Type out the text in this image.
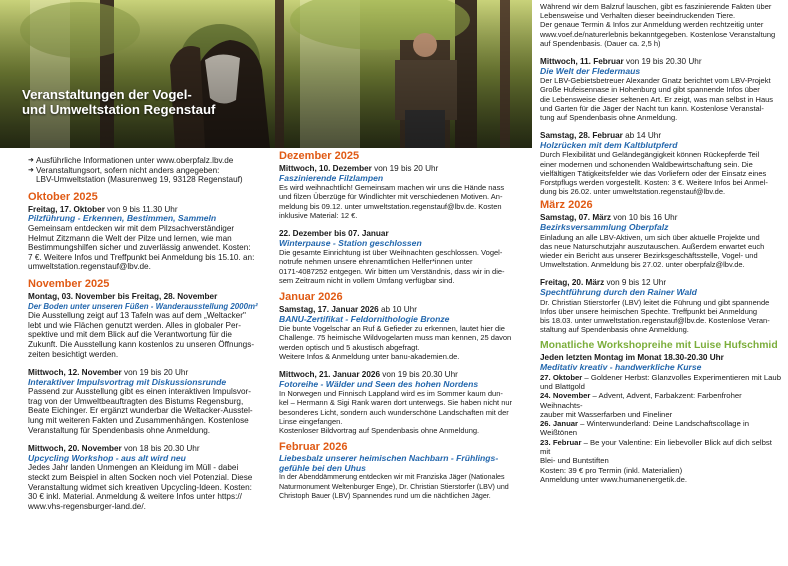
Veranstaltungen der Vogel-
und Umweltstation Regenstauf
➜ Ausführliche Informationen unter www.oberpfalz.lbv.de
➜ Veranstaltungsort, sofern nicht anders angegeben:
LBV-Umweltstation (Masurenweg 19, 93128 Regenstauf)
Oktober 2025
Freitag, 17. Oktober von 9 bis 11.30 Uhr
Pilzführung - Erkennen, Bestimmen, Sammeln
Gemeinsam entdecken wir mit dem Pilzsachverständiger
Helmut Zitzmann die Welt der Pilze und lernen, wie man
Bestimmungshilfen sicher und zuverlässig anwendet. Kosten:
7 €. Weitere Infos und Treffpunkt bei Anmeldung bis 15.10. an:
umweltstation.regenstauf@lbv.de.
November 2025
Montag, 03. November bis Freitag, 28. November
Der Boden unter unseren Füßen - Wanderausstellung 2000m²
Die Ausstellung zeigt auf 13 Tafeln was auf dem „Weltacker"
lebt und wie Flächen genutzt werden. Alles in globaler Per-
spektive und mit dem Blick auf die Verantwortung für die
Zukunft. Die Ausstellung kann kostenlos zu unseren Öffnungs-
zeiten besichtigt werden.
Mittwoch, 12. November von 19 bis 20 Uhr
Interaktiver Impulsvortrag mit Diskussionsrunde
Passend zur Ausstellung gibt es einen interaktiven Impulsvor-
trag von der Umweltbeauftragten des Bistums Regensburg,
Beate Eichinger. Er ergänzt wunderbar die Weltacker-Ausstel-
lung mit weiteren Fakten und Zusammenhängen. Kostenlose
Veranstaltung für Spendenbasis ohne Anmeldung.
Mittwoch, 20. November von 18 bis 20.30 Uhr
Upcycling Workshop - aus alt wird neu
Jedes Jahr landen Unmengen an Kleidung im Müll - dabei
steckt zum Beispiel in alten Socken noch viel Potenzial. Diese
Veranstaltung widmet sich kreativen Upcycling-Ideen. Kosten:
30 € inkl. Material. Anmeldung & weitere Infos unter https://
www.vhs-regensburger-land.de/.
Dezember 2025
Mittwoch, 10. Dezember von 19 bis 20 Uhr
Faszinierende Filzlampen
Es wird weihnachtlich! Gemeinsam machen wir uns die Hände nass
und filzen Überzüge für Windlichter mit verschiedenen Motiven. An-
meldung bis 09.12. unter umweltstation.regenstauf@lbv.de. Kosten
inklusive Material: 12 €.
22. Dezember bis 07. Januar
Winterpause - Station geschlossen
Die gesamte Einrichtung ist über Weihnachten geschlossen. Vogel-
notrufe nehmen unsere ehrenamtlichen Helfer*innen unter
0171-4087252 entgegen. Wir bitten um Verständnis, dass wir in die-
sem Zeitraum nicht in vollem Umfang verfügbar sind.
Januar 2026
Samstag, 17. Januar 2026 ab 10 Uhr
BANU-Zertifikat - Feldornithologie Bronze
Die bunte Vogelschar an Ruf & Gefieder zu erkennen, lautet hier die
Challenge. 75 heimische Wildvogelarten muss man kennen, 25 davon
werden optisch und 5 akustisch abgefragt.
Weitere Infos & Anmeldung unter banu-akademien.de.
Mittwoch, 21. Januar 2026 von 19 bis 20.30 Uhr
Fotoreihe - Wälder und Seen des hohen Nordens
In Norwegen und Finnisch Lappland wird es im Sommer kaum dun-
kel – Hermann & Sigi Rank waren dort unterwegs. Sie haben nicht nur
besonderes Licht, sondern auch wunderschöne Landschaften mit der
Linse eingefangen.
Kostenloser Bildvortrag auf Spendenbasis ohne Anmeldung.
Februar 2026
Liebesbalz unserer heimischen Nachbarn - Frühlings-
gefühle bei den Uhus
In der Abenddämmerung entdecken wir mit Franziska Jäger (Nationales
Naturmonument Weltenburger Enge), Dr. Christian Stierstorfer (LBV) und
Christoph Bauer (LBV) Spannendes rund um die nächtlichen Jäger.
Während wir dem Balzruf lauschen, gibt es faszinierende Fakten über
Lebensweise und Verhalten dieser beeindruckenden Tiere.
Der genaue Termin & Infos zur Anmeldung werden rechtzeitig unter
www.voef.de/naturerlebnis bekanntgegeben. Kostenlose Veranstaltung
auf Spendenbasis. (Dauer ca. 2,5 h)
Mittwoch, 11. Februar von 19 bis 20.30 Uhr
Die Welt der Fledermaus
Der LBV-Gebietsbetreuer Alexander Gnatz berichtet vom LBV-Projekt
Große Hufeisennase in Hohenburg und gibt spannende Infos über
die Lebensweise dieser seltenen Art. Er zeigt, was man selbst in Haus
und Garten für die Jäger der Nacht tun kann. Kostenlose Veranstal-
tung auf Spendenbasis ohne Anmeldung.
Samstag, 28. Februar ab 14 Uhr
Holzrücken mit dem Kaltblutpferd
Durch Flexibilität und Geländegängigkeit können Rückepferde Teil
einer modernen und schonenden Waldbewirtschaftung sein. Die
vielfältigen Tätigkeitsfelder wie das Vorliefern oder der Einsatz eines
Forstpflugs werden vorgestellt. Kosten: 3 €. Weitere Infos bei Anmel-
dung bis 26.02. unter umweltstation.regenstauf@lbv.de.
März 2026
Samstag, 07. März von 10 bis 16 Uhr
Bezirksversammlung Oberpfalz
Einladung an alle LBV-Aktiven, um sich über aktuelle Projekte und
das neue Naturschutzjahr auszutauschen. Außerdem erwartet euch
wieder ein Bericht aus unserer Bezirksgeschäftsstelle, Vogel- und
Umweltstation. Anmeldung bis 27.02. unter oberpfalz@lbv.de.
Freitag, 20. März von 9 bis 12 Uhr
Spechtführung durch den Rainer Wald
Dr. Christian Stierstorfer (LBV) leitet die Führung und gibt spannende
Infos über unsere heimischen Spechte. Treffpunkt bei Anmeldung
bis 18.03. unter umweltstation.regenstauf@lbv.de. Kostenlose Veran-
staltung auf Spendenbasis ohne Anmeldung.
Monatliche Workshopreihe mit Luise Hufschmid
Jeden letzten Montag im Monat 18.30-20.30 Uhr
Meditativ kreativ - handwerkliche Kurse
27. Oktober – Goldener Herbst: Glanzvolles Experimentieren mit Laub
und Blattgold
24. November – Advent, Advent, Farbakzent: Farbenfroher Weihnachts-
zauber mit Wasserfarben und Fineliner
26. Januar – Winterwunderland: Deine Landschaftscollage in Weißtönen
23. Februar – Be your Valentine: Ein liebevoller Blick auf dich selbst mit
Blei- und Buntstiften
Kosten: 39 € pro Termin (inkl. Materialien)
Anmeldung unter www.humanenergetik.de.
